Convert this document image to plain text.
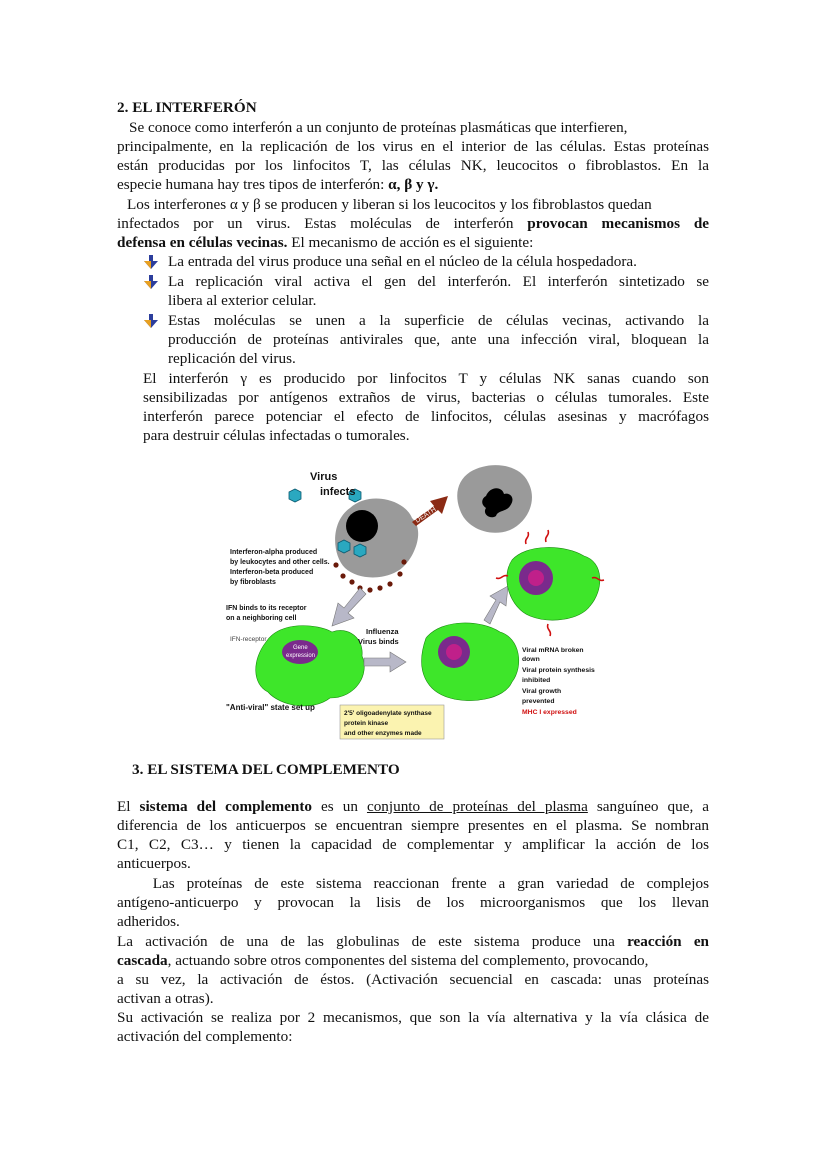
2. EL INTERFERÓN
Se conoce como interferón a un conjunto de proteínas plasmáticas que interfieren,
principalmente, en la replicación de los virus en el interior de las células. Estas proteínas
están producidas por los linfocitos T, las células NK, leucocitos o fibroblastos. En la
especie humana hay tres tipos de interferón: α, β y γ.
Los interferones α y β se producen y liberan si los leucocitos y los fibroblastos quedan
infectados por un virus. Estas moléculas de interferón provocan mecanismos de
defensa en células vecinas. El mecanismo de acción es el siguiente:
La entrada del virus produce una señal en el núcleo de la célula hospedadora.
La replicación viral activa el gen del interferón. El interferón sintetizado se
libera al exterior celular.
Estas moléculas se unen a la superficie de células vecinas, activando la
producción de proteínas antivirales que, ante una infección viral, bloquean la
replicación del virus.
El interferón γ es producido por linfocitos T y células NK sanas cuando son
sensibilizadas por antígenos extraños de virus, bacterias o células tumorales. Este
interferón parece potenciar el efecto de linfocitos, células asesinas y macrófagos
para destruir células infectadas o tumorales.
Virus
infects
DEATH
Interferon-alpha produced
by leukocytes and other cells.
Interferon-beta produced
by fibroblasts
IFN binds to its receptor
on a neighboring cell
IFN-receptor
Gene
expression
"Anti-viral" state set up
Influenza
Virus binds
2'5' oligoadenylate synthase
protein kinase
and other enzymes made
Viral mRNA broken
down
Viral protein synthesis
inhibited
Viral growth
prevented
MHC I expressed
3. EL SISTEMA DEL COMPLEMENTO
El sistema del complemento es un conjunto de proteínas del plasma sanguíneo que, a
diferencia de los anticuerpos se encuentran siempre presentes en el plasma. Se nombran
C1, C2, C3… y tienen la capacidad de complementar y amplificar la acción de los
anticuerpos.
Las proteínas de este sistema reaccionan frente a gran variedad de complejos
antígeno-anticuerpo y provocan la lisis de los microorganismos que los llevan
adheridos.
La activación de una de las globulinas de este sistema produce una reacción en
cascada, actuando sobre otros componentes del sistema del complemento, provocando,
a su vez, la activación de éstos. (Activación secuencial en cascada: unas proteínas
activan a otras).
Su activación se realiza por 2 mecanismos, que son la vía alternativa y la vía clásica de
activación del complemento:
